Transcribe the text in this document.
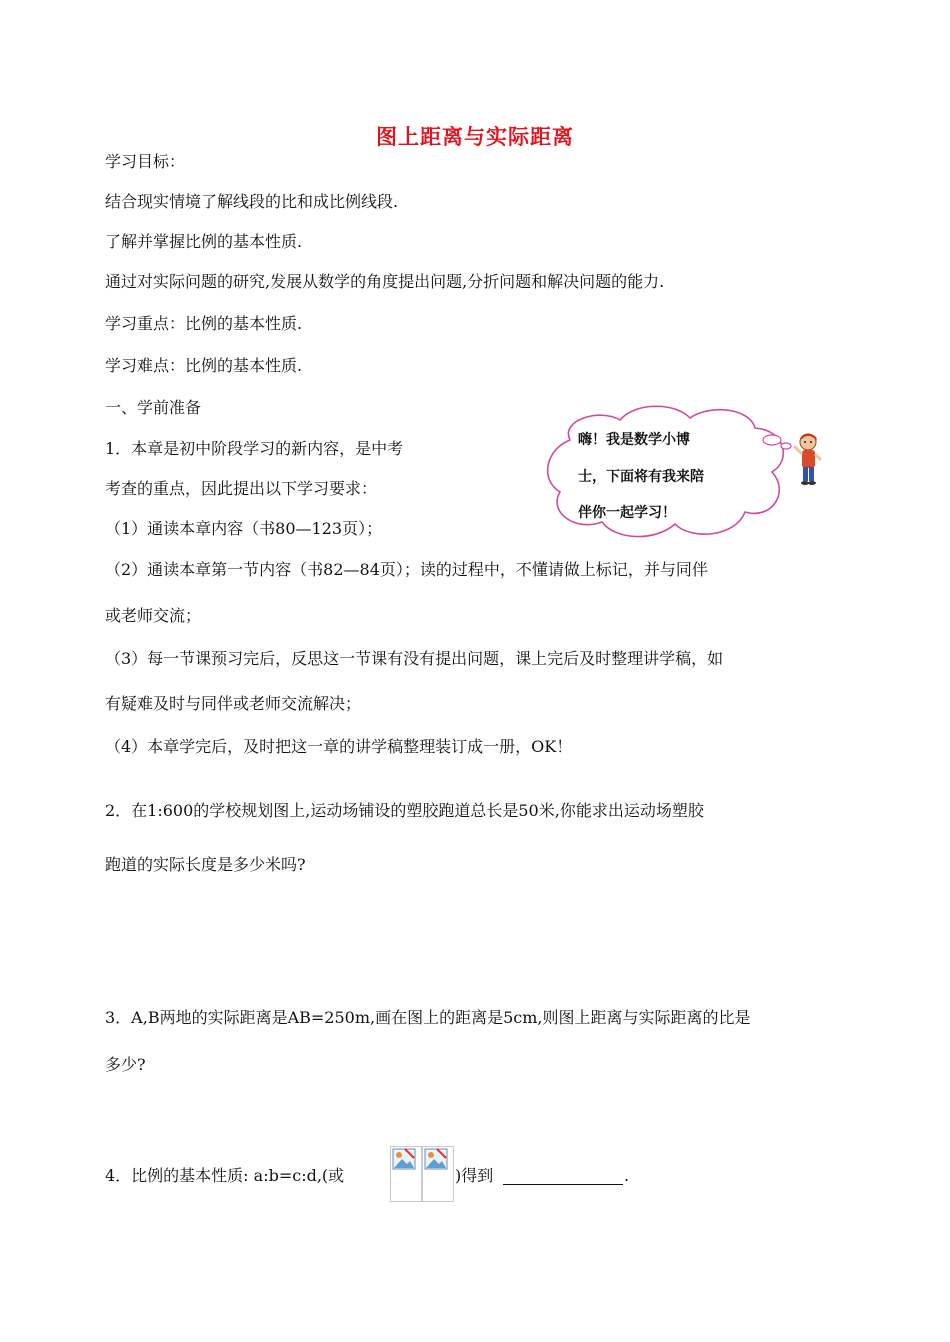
图上距离与实际距离
学习目标：
结合现实情境了解线段的比和成比例线段.
了解并掌握比例的基本性质.
通过对实际问题的研究,发展从数学的角度提出问题,分折问题和解决问题的能力.
学习重点：比例的基本性质.
学习难点：比例的基本性质.
一、学前准备
1．本章是初中阶段学习的新内容，是中考
考查的重点，因此提出以下学习要求：
（1）通读本章内容（书80—123页）；
（2）通读本章第一节内容（书82—84页）；读的过程中，不懂请做上标记，并与同伴
或老师交流；
（3）每一节课预习完后，反思这一节课有没有提出问题，课上完后及时整理讲学稿，如
有疑难及时与同伴或老师交流解决；
（4）本章学完后，及时把这一章的讲学稿整理装订成一册，OK！
2．在1:600的学校规划图上,运动场铺设的塑胶跑道总长是50米,你能求出运动场塑胶
跑道的实际长度是多少米吗?
3．A,B两地的实际距离是AB=250m,画在图上的距离是5cm,则图上距离与实际距离的比是
多少?
4．比例的基本性质: a:b=c:d,(或	)得到	.
嗨！我是数学小博
士，下面将有我来陪
伴你一起学习！
